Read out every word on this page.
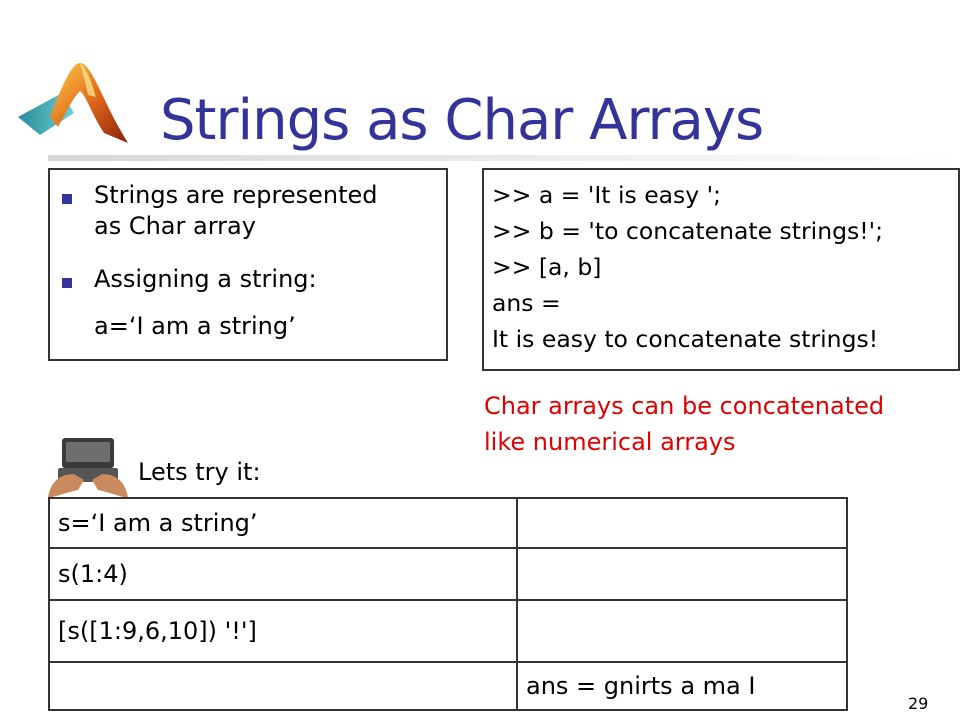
Strings as Char Arrays
Strings are represented
as Char array
Assigning a string:
a=‘I am a string’
>> a = 'It is easy ';
>> b = 'to concatenate strings!';
>> [a, b]
ans =
It is easy to concatenate strings!
Char arrays can be concatenated
like numerical arrays
Lets try it:
s=‘I am a string’	
s(1:4)	
[s([1:9,6,10]) '!']	
	ans = gnirts a ma I
29
